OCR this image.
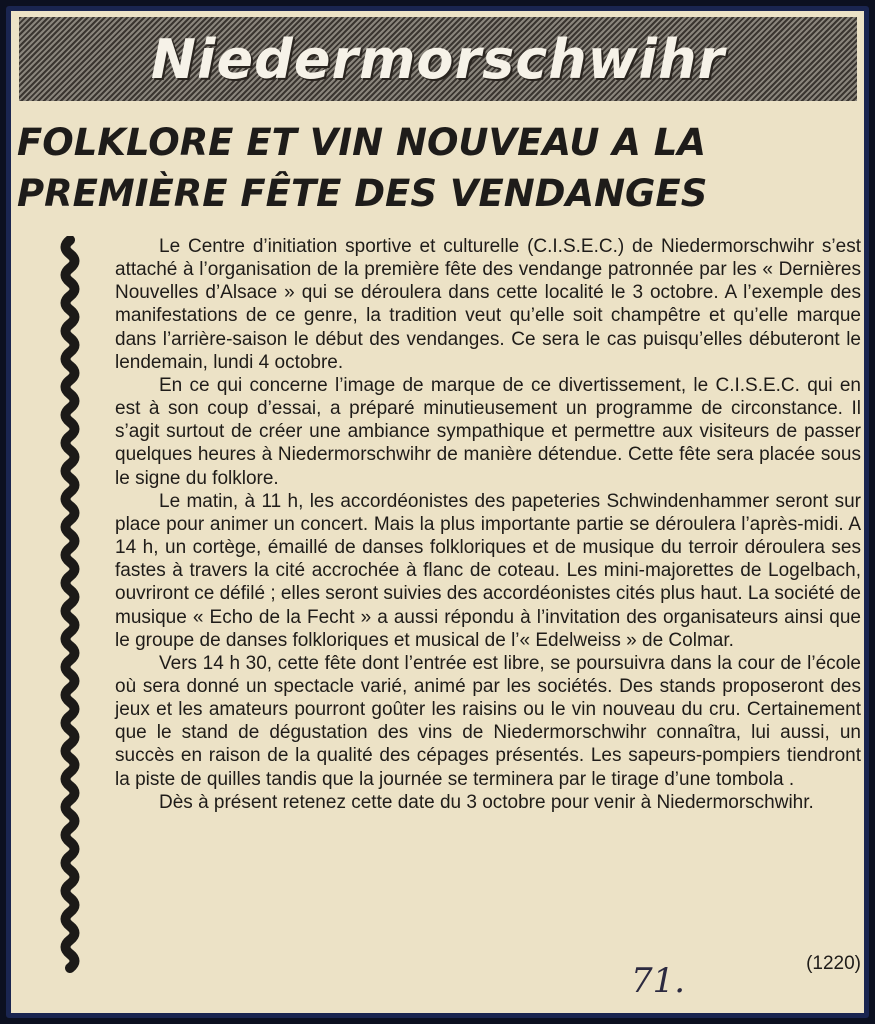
Niedermorschwihr
FOLKLORE ET VIN NOUVEAU A LA
PREMIÈRE FÊTE DES VENDANGES

Le Centre d’initiation sportive et culturelle (C.I.S.E.C.) de Niedermorschwihr s’est attaché à l’organisation de la première fête des vendange patronnée par les « Dernières Nouvelles d’Alsace » qui se déroulera dans cette localité le 3 octobre. A l’exemple des manifestations de ce genre, la tradition veut qu’elle soit champêtre et qu’elle marque dans l’arrière-saison le début des vendanges. Ce sera le cas puisqu’elles débuteront le lendemain, lundi 4 octobre.

En ce qui concerne l’image de marque de ce divertissement, le C.I.S.E.C. qui en est à son coup d’essai, a préparé minutieusement un programme de circonstance. Il s’agit surtout de créer une ambiance sympathique et permettre aux visiteurs de passer quelques heures à Niedermorschwihr de manière détendue. Cette fête sera placée sous le signe du folklore.

Le matin, à 11 h, les accordéonistes des papeteries Schwindenhammer seront sur place pour animer un concert. Mais la plus importante partie se déroulera l’après-midi. A 14 h, un cortège, émaillé de danses folkloriques et de musique du terroir déroulera ses fastes à travers la cité accrochée à flanc de coteau. Les mini-majorettes de Logelbach, ouvriront ce défilé ; elles seront suivies des accordéonistes cités plus haut. La société de musique « Echo de la Fecht » a aussi répondu à l’invitation des organisateurs ainsi que le groupe de danses folkloriques et musical de l’« Edelweiss » de Colmar.

Vers 14 h 30, cette fête dont l’entrée est libre, se poursuivra dans la cour de l’école où sera donné un spectacle varié, animé par les sociétés. Des stands proposeront des jeux et les amateurs pourront goûter les raisins ou le vin nouveau du cru. Certainement que le stand de dégustation des vins de Niedermorschwihr connaîtra, lui aussi, un succès en raison de la qualité des cépages présentés. Les sapeurs-pompiers tiendront la piste de quilles tandis que la journée se terminera par le tirage d’une tombola .

Dès à présent retenez cette date du 3 octobre pour venir à Niedermorschwihr.

(1220)
71.
